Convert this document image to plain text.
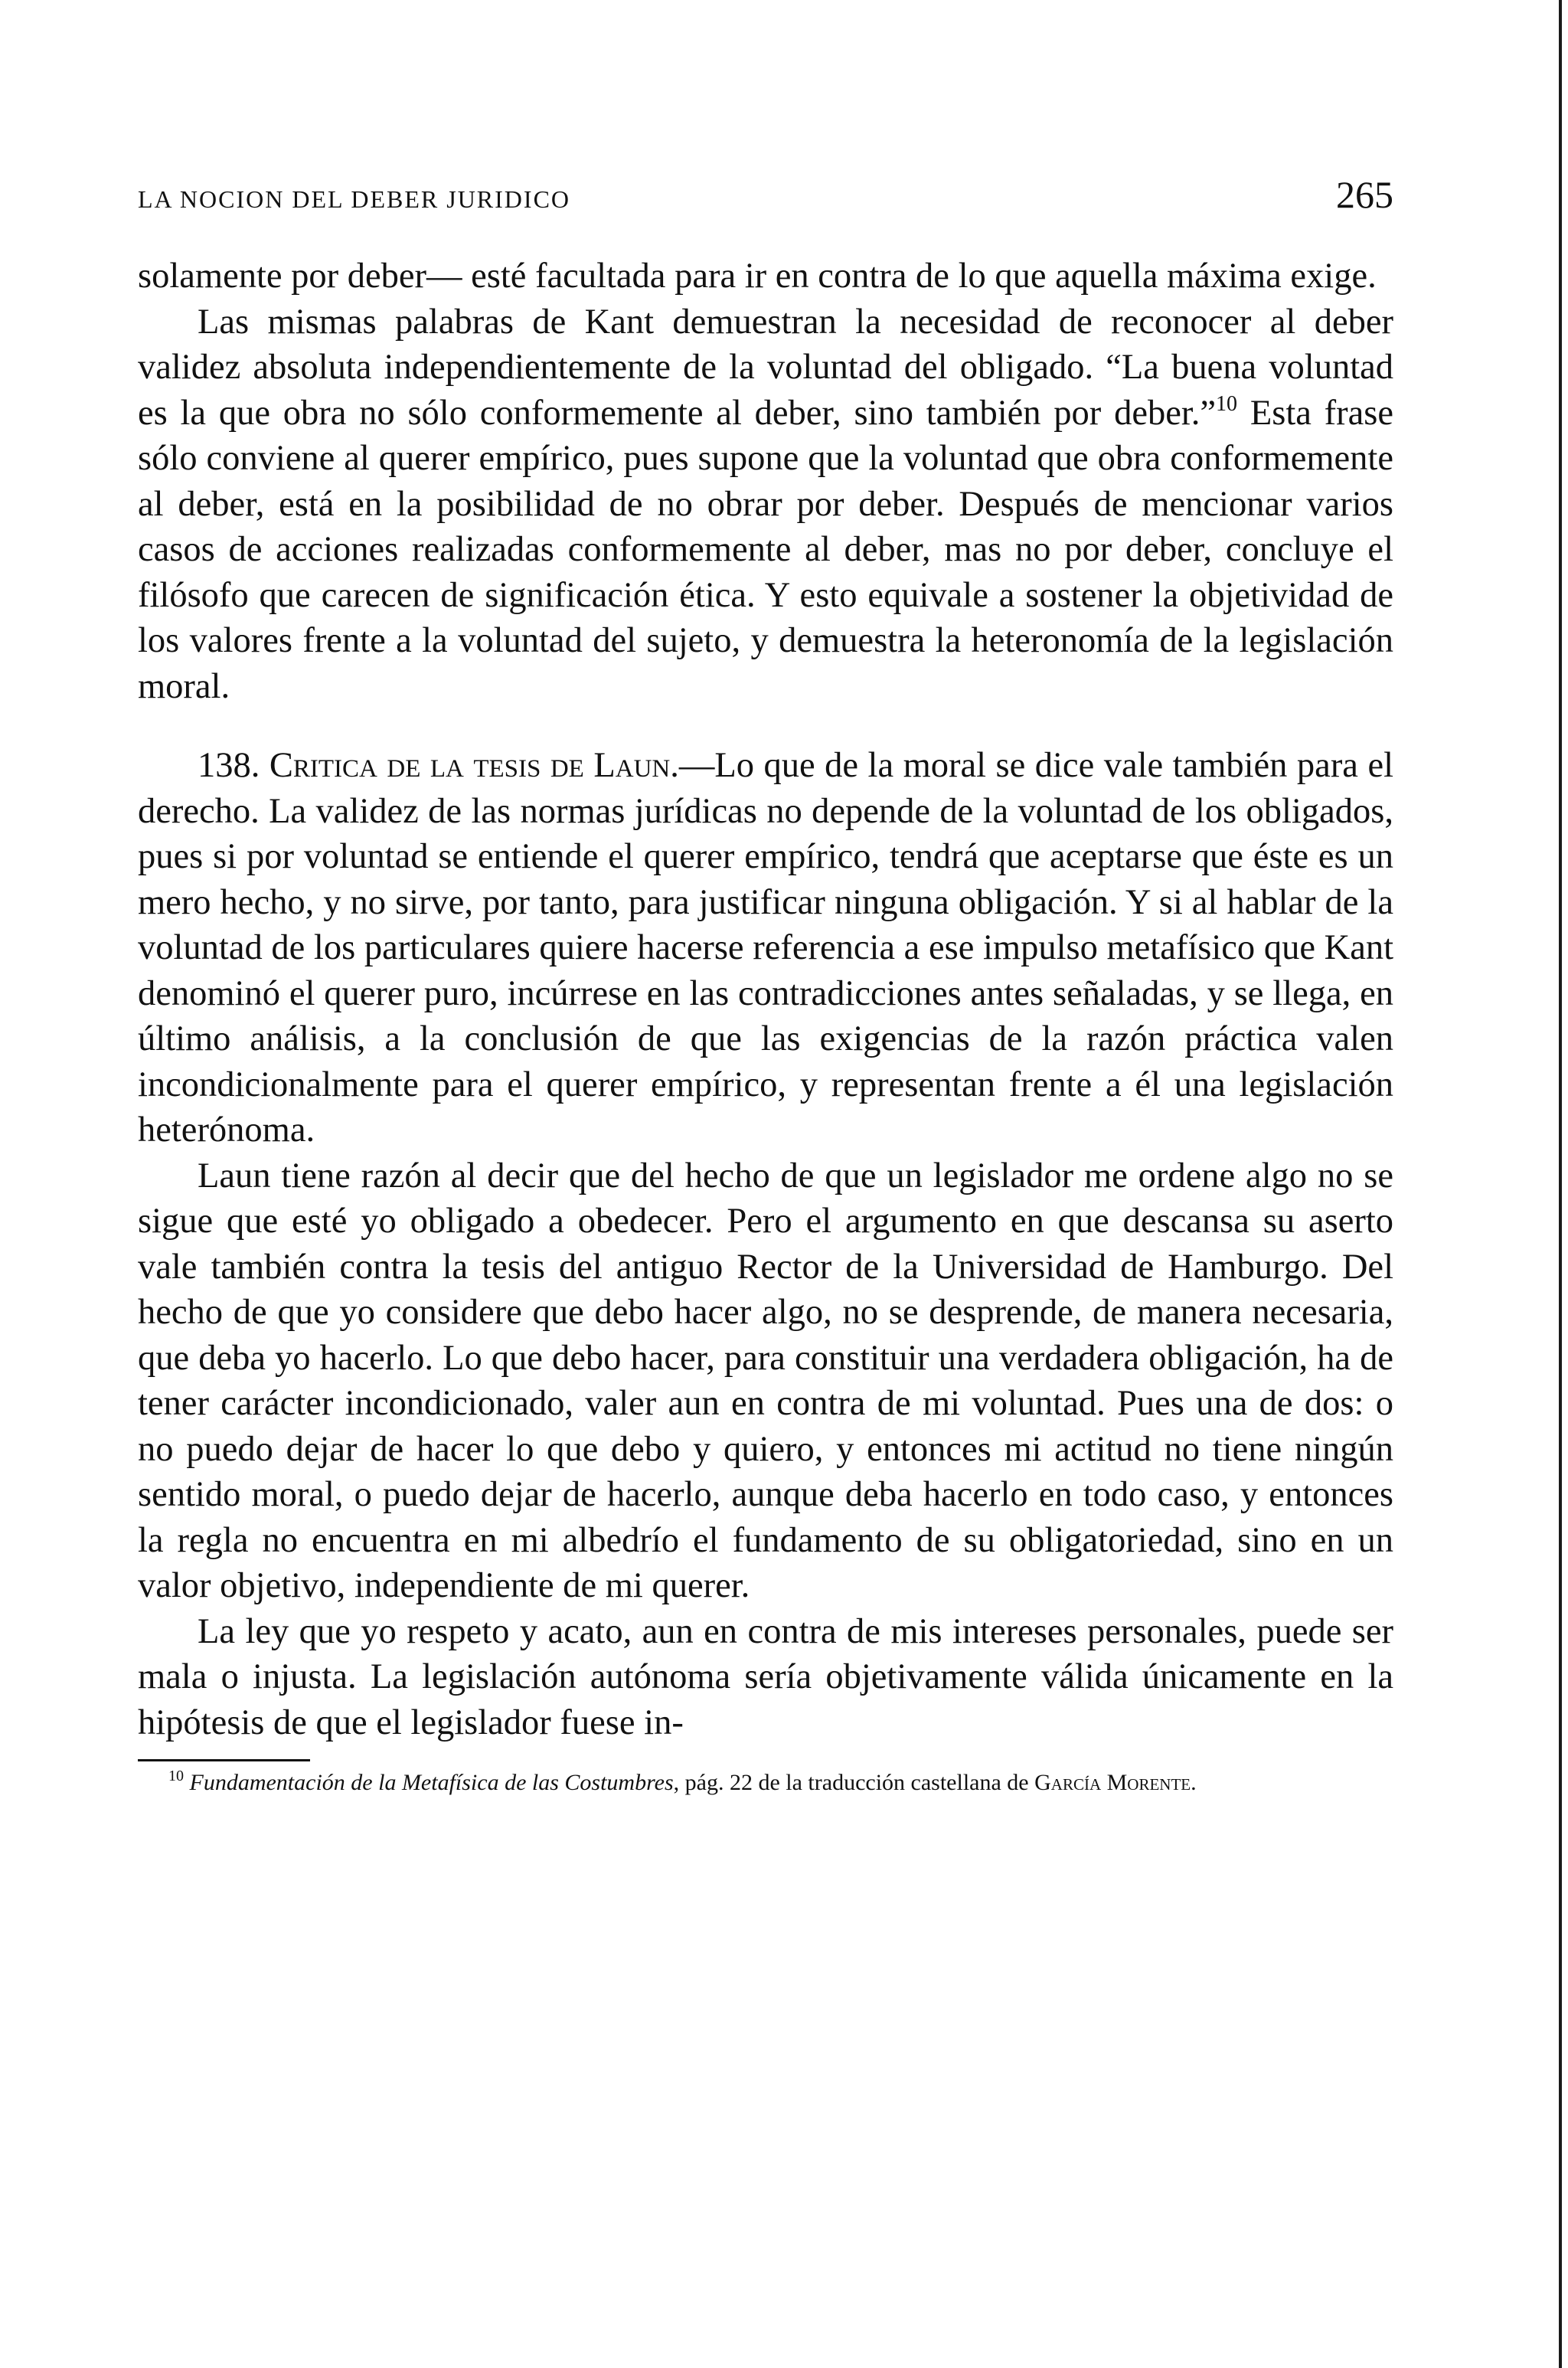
LA NOCION DEL DEBER JURIDICO	265

solamente por deber— esté facultada para ir en contra de lo que aquella máxima exige.

Las mismas palabras de Kant demuestran la necesidad de reconocer al deber validez absoluta independientemente de la voluntad del obligado. “La buena voluntad es la que obra no sólo conformemente al deber, sino también por deber.”$^{10}$ Esta frase sólo conviene al querer empírico, pues supone que la voluntad que obra conformemente al deber, está en la posibilidad de no obrar por deber. Después de mencionar varios casos de acciones realizadas conformemente al deber, mas no por deber, concluye el filósofo que carecen de significación ética. Y esto equivale a sostener la objetividad de los valores frente a la voluntad del sujeto, y demuestra la heteronomía de la legislación moral.

138. Critica de la tesis de Laun.—Lo que de la moral se dice vale también para el derecho. La validez de las normas jurídicas no depende de la voluntad de los obligados, pues si por voluntad se entiende el querer empírico, tendrá que aceptarse que éste es un mero hecho, y no sirve, por tanto, para justificar ninguna obligación. Y si al hablar de la voluntad de los particulares quiere hacerse referencia a ese impulso metafísico que Kant denominó el querer puro, incúrrese en las contradicciones antes señaladas, y se llega, en último análisis, a la conclusión de que las exigencias de la razón práctica valen incondicionalmente para el querer empírico, y representan frente a él una legislación heterónoma.

Laun tiene razón al decir que del hecho de que un legislador me ordene algo no se sigue que esté yo obligado a obedecer. Pero el argumento en que descansa su aserto vale también contra la tesis del antiguo Rector de la Universidad de Hamburgo. Del hecho de que yo considere que debo hacer algo, no se desprende, de manera necesaria, que deba yo hacerlo. Lo que debo hacer, para constituir una verdadera obligación, ha de tener carácter incondicionado, valer aun en contra de mi voluntad. Pues una de dos: o no puedo dejar de hacer lo que debo y quiero, y entonces mi actitud no tiene ningún sentido moral, o puedo dejar de hacerlo, aunque deba hacerlo en todo caso, y entonces la regla no encuentra en mi albedrío el fundamento de su obligatoriedad, sino en un valor objetivo, independiente de mi querer.

La ley que yo respeto y acato, aun en contra de mis intereses personales, puede ser mala o injusta. La legislación autónoma sería objetivamente válida únicamente en la hipótesis de que el legislador fuese in-

$^{10}$ Fundamentación de la Metafísica de las Costumbres, pág. 22 de la traducción castellana de García Morente.
